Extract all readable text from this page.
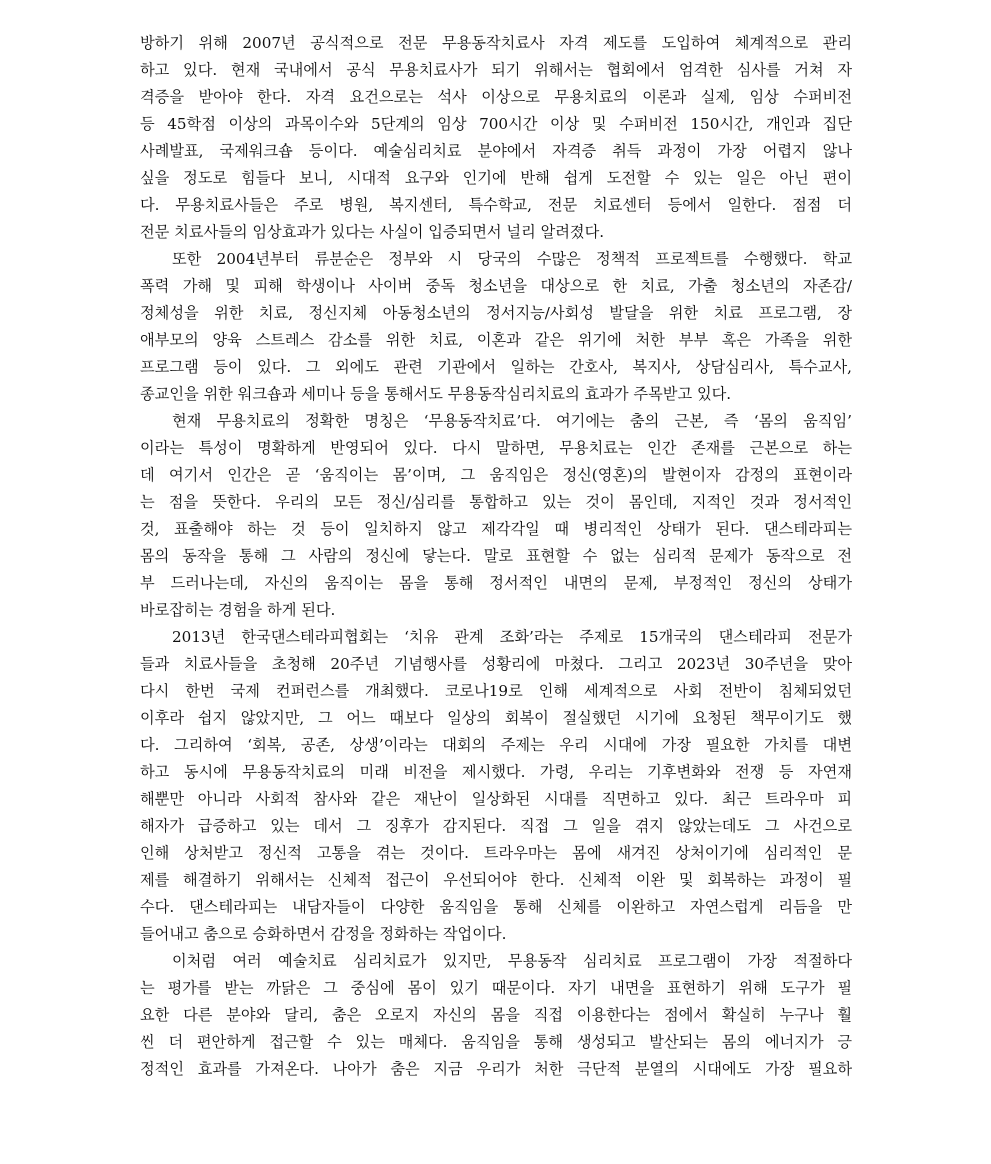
방하기 위해 2007년 공식적으로 전문 무용동작치료사 자격 제도를 도입하여 체계적으로 관리
하고 있다. 현재 국내에서 공식 무용치료사가 되기 위해서는 협회에서 엄격한 심사를 거쳐 자
격증을 받아야 한다. 자격 요건으로는 석사 이상으로 무용치료의 이론과 실제, 임상 수퍼비전
등 45학점 이상의 과목이수와 5단계의 임상 700시간 이상 및 수퍼비전 150시간, 개인과 집단
사례발표, 국제워크숍 등이다. 예술심리치료 분야에서 자격증 취득 과정이 가장 어렵지 않나
싶을 정도로 힘들다 보니, 시대적 요구와 인기에 반해 쉽게 도전할 수 있는 일은 아닌 편이
다. 무용치료사들은 주로 병원, 복지센터, 특수학교, 전문 치료센터 등에서 일한다. 점점 더
전문 치료사들의 임상효과가 있다는 사실이 입증되면서 널리 알려졌다.
또한 2004년부터 류분순은 정부와 시 당국의 수많은 정책적 프로젝트를 수행했다. 학교
폭력 가해 및 피해 학생이나 사이버 중독 청소년을 대상으로 한 치료, 가출 청소년의 자존감/
정체성을 위한 치료, 정신지체 아동청소년의 정서지능/사회성 발달을 위한 치료 프로그램, 장
애부모의 양육 스트레스 감소를 위한 치료, 이혼과 같은 위기에 처한 부부 혹은 가족을 위한
프로그램 등이 있다. 그 외에도 관련 기관에서 일하는 간호사, 복지사, 상담심리사, 특수교사,
종교인을 위한 워크숍과 세미나 등을 통해서도 무용동작심리치료의 효과가 주목받고 있다.
현재 무용치료의 정확한 명칭은 ‘무용동작치료’다. 여기에는 춤의 근본, 즉 ‘몸의 움직임’
이라는 특성이 명확하게 반영되어 있다. 다시 말하면, 무용치료는 인간 존재를 근본으로 하는
데 여기서 인간은 곧 ‘움직이는 몸’이며, 그 움직임은 정신(영혼)의 발현이자 감정의 표현이라
는 점을 뜻한다. 우리의 모든 정신/심리를 통합하고 있는 것이 몸인데, 지적인 것과 정서적인
것, 표출해야 하는 것 등이 일치하지 않고 제각각일 때 병리적인 상태가 된다. 댄스테라피는
몸의 동작을 통해 그 사람의 정신에 닿는다. 말로 표현할 수 없는 심리적 문제가 동작으로 전
부 드러나는데, 자신의 움직이는 몸을 통해 정서적인 내면의 문제, 부정적인 정신의 상태가
바로잡히는 경험을 하게 된다.
2013년 한국댄스테라피협회는 ‘치유 관계 조화’라는 주제로 15개국의 댄스테라피 전문가
들과 치료사들을 초청해 20주년 기념행사를 성황리에 마쳤다. 그리고 2023년 30주년을 맞아
다시 한번 국제 컨퍼런스를 개최했다. 코로나19로 인해 세계적으로 사회 전반이 침체되었던
이후라 쉽지 않았지만, 그 어느 때보다 일상의 회복이 절실했던 시기에 요청된 책무이기도 했
다. 그리하여 ‘회복, 공존, 상생’이라는 대회의 주제는 우리 시대에 가장 필요한 가치를 대변
하고 동시에 무용동작치료의 미래 비전을 제시했다. 가령, 우리는 기후변화와 전쟁 등 자연재
해뿐만 아니라 사회적 참사와 같은 재난이 일상화된 시대를 직면하고 있다. 최근 트라우마 피
해자가 급증하고 있는 데서 그 징후가 감지된다. 직접 그 일을 겪지 않았는데도 그 사건으로
인해 상처받고 정신적 고통을 겪는 것이다. 트라우마는 몸에 새겨진 상처이기에 심리적인 문
제를 해결하기 위해서는 신체적 접근이 우선되어야 한다. 신체적 이완 및 회복하는 과정이 필
수다. 댄스테라피는 내담자들이 다양한 움직임을 통해 신체를 이완하고 자연스럽게 리듬을 만
들어내고 춤으로 승화하면서 감정을 정화하는 작업이다.
이처럼 여러 예술치료 심리치료가 있지만, 무용동작 심리치료 프로그램이 가장 적절하다
는 평가를 받는 까닭은 그 중심에 몸이 있기 때문이다. 자기 내면을 표현하기 위해 도구가 필
요한 다른 분야와 달리, 춤은 오로지 자신의 몸을 직접 이용한다는 점에서 확실히 누구나 훨
씬 더 편안하게 접근할 수 있는 매체다. 움직임을 통해 생성되고 발산되는 몸의 에너지가 긍
정적인 효과를 가져온다. 나아가 춤은 지금 우리가 처한 극단적 분열의 시대에도 가장 필요하
